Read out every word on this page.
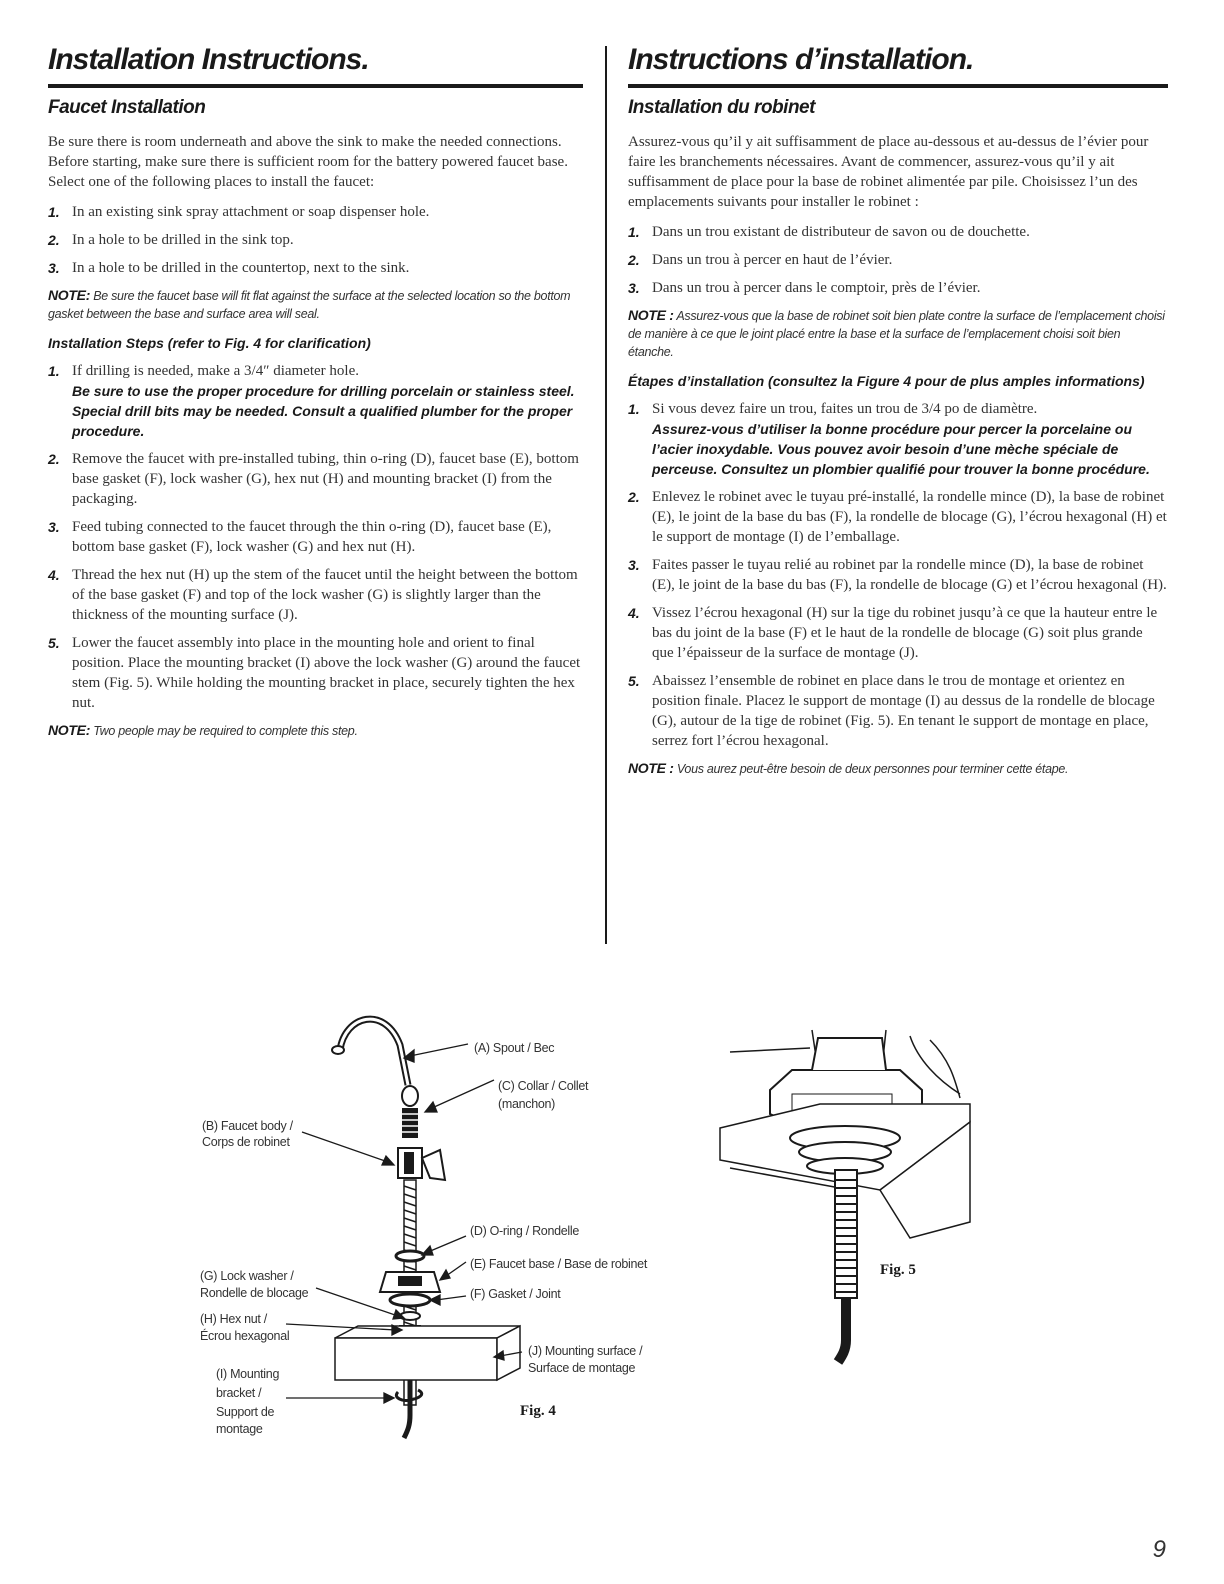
Installation Instructions.
Faucet Installation

Be sure there is room underneath and above the sink to make the needed connections. Before starting, make sure there is sufficient room for the battery powered faucet base. Select one of the following places to install the faucet:

1. In an existing sink spray attachment or soap dispenser hole.
2. In a hole to be drilled in the sink top.
3. In a hole to be drilled in the countertop, next to the sink.

NOTE: Be sure the faucet base will fit flat against the surface at the selected location so the bottom gasket between the base and surface area will seal.

Installation Steps (refer to Fig. 4 for clarification)
1. If drilling is needed, make a 3/4″ diameter hole.
Be sure to use the proper procedure for drilling porcelain or stainless steel. Special drill bits may be needed. Consult a qualified plumber for the proper procedure.
2. Remove the faucet with pre-installed tubing, thin o-ring (D), faucet base (E), bottom base gasket (F), lock washer (G), hex nut (H) and mounting bracket (I) from the packaging.
3. Feed tubing connected to the faucet through the thin o-ring (D), faucet base (E), bottom base gasket (F), lock washer (G) and hex nut (H).
4. Thread the hex nut (H) up the stem of the faucet until the height between the bottom of the base gasket (F) and top of the lock washer (G) is slightly larger than the thickness of the mounting surface (J).
5. Lower the faucet assembly into place in the mounting hole and orient to final position. Place the mounting bracket (I) above the lock washer (G) around the faucet stem (Fig. 5). While holding the mounting bracket in place, securely tighten the hex nut.

NOTE: Two people may be required to complete this step.

Instructions d’installation.
Installation du robinet

Assurez-vous qu’il y ait suffisamment de place au-dessous et au-dessus de l’évier pour faire les branchements nécessaires. Avant de commencer, assurez-vous qu’il y ait suffisamment de place pour la base de robinet alimentée par pile. Choisissez l’un des emplacements suivants pour installer le robinet :

1. Dans un trou existant de distributeur de savon ou de douchette.
2. Dans un trou à percer en haut de l’évier.
3. Dans un trou à percer dans le comptoir, près de l’évier.

NOTE : Assurez-vous que la base de robinet soit bien plate contre la surface de l’emplacement choisi de manière à ce que le joint placé entre la base et la surface de l’emplacement choisi soit bien étanche.

Étapes d’installation (consultez la Figure 4 pour de plus amples informations)
1. Si vous devez faire un trou, faites un trou de 3/4 po de diamètre.
Assurez-vous d’utiliser la bonne procédure pour percer la porcelaine ou l’acier inoxydable. Vous pouvez avoir besoin d’une mèche spéciale de perceuse. Consultez un plombier qualifié pour trouver la bonne procédure.
2. Enlevez le robinet avec le tuyau pré-installé, la rondelle mince (D), la base de robinet (E), le joint de la base du bas (F), la rondelle de blocage (G), l’écrou hexagonal (H) et le support de montage (I) de l’emballage.
3. Faites passer le tuyau relié au robinet par la rondelle mince (D), la base de robinet (E), le joint de la base du bas (F), la rondelle de blocage (G) et l’écrou hexagonal (H).
4. Vissez l’écrou hexagonal (H) sur la tige du robinet jusqu’à ce que la hauteur entre le bas du joint de la base (F) et le haut de la rondelle de blocage (G) soit plus grande que l’épaisseur de la surface de montage (J).
5. Abaissez l’ensemble de robinet en place dans le trou de montage et orientez en position finale. Placez le support de montage (I) au dessus de la rondelle de blocage (G), autour de la tige de robinet (Fig. 5). En tenant le support de montage en place, serrez fort l’écrou hexagonal.

NOTE : Vous aurez peut-être besoin de deux personnes pour terminer cette étape.

(A) Spout / Bec
(C) Collar / Collet
(manchon)
(B) Faucet body /
Corps de robinet
(D) O-ring / Rondelle
(E) Faucet base / Base de robinet
(F) Gasket / Joint
(G) Lock washer /
Rondelle de blocage
(H) Hex nut /
Écrou hexagonal
(J) Mounting surface /
Surface de montage
(I) Mounting
bracket /
Support de
montage
Fig. 4
Fig. 5
9
